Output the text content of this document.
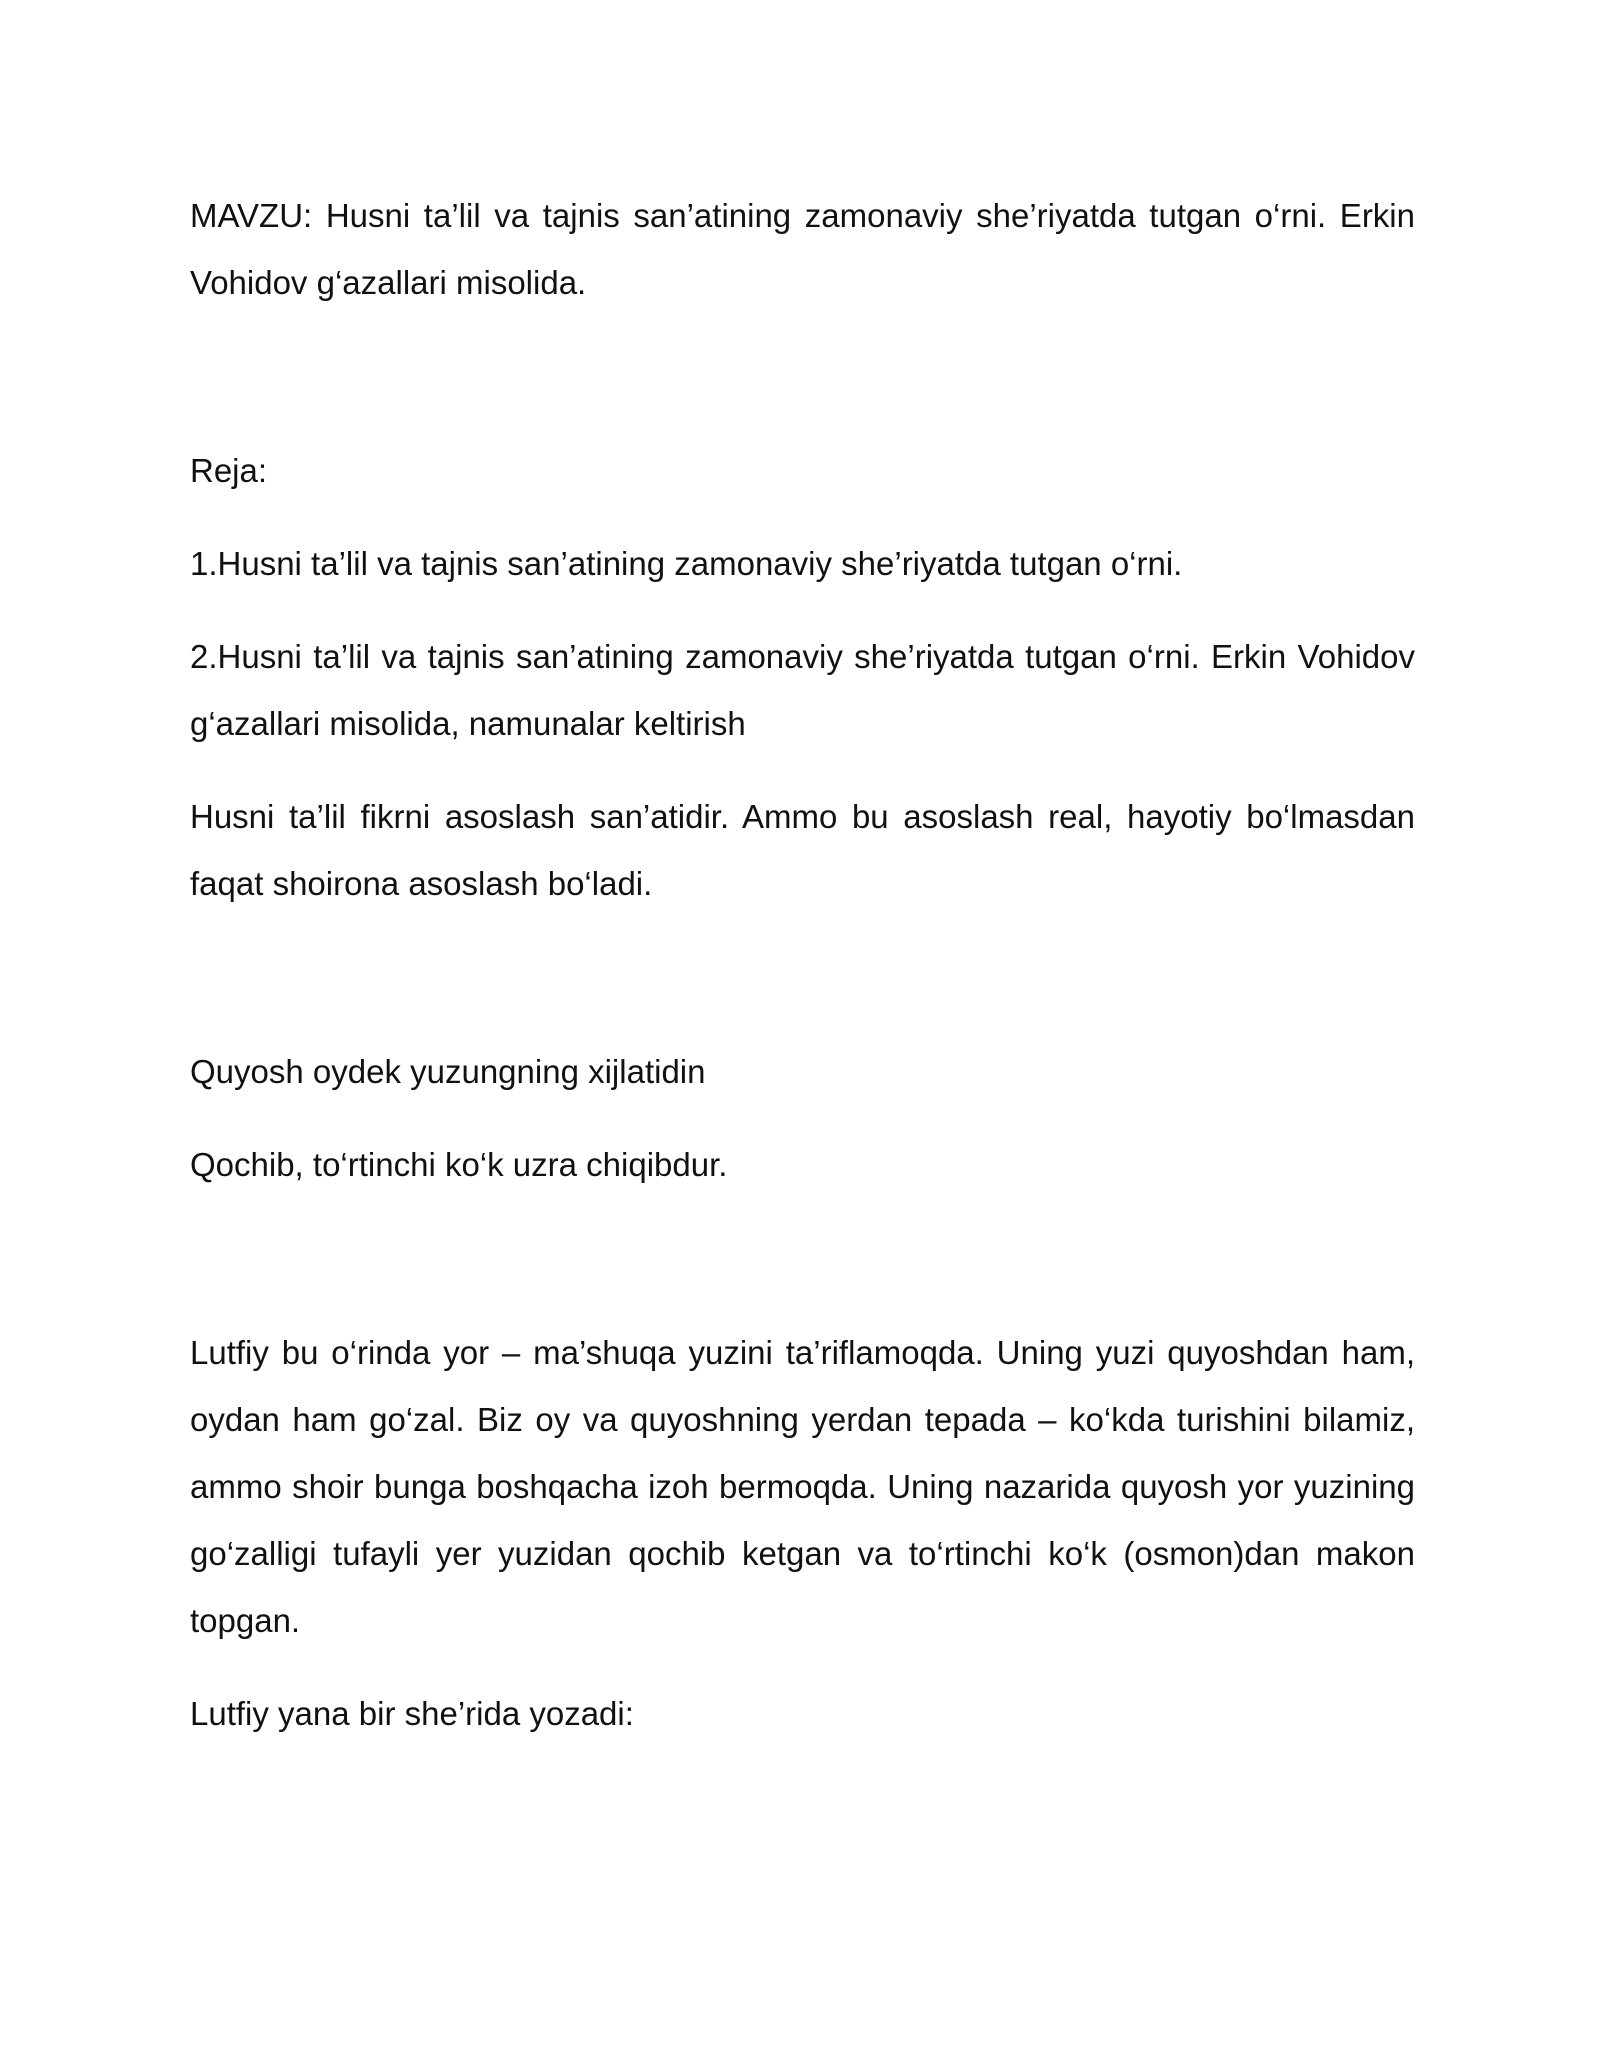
MAVZU: Husni ta’lil va tajnis san’atining zamonaviy she’riyatda tutgan o‘rni. Erkin Vohidov g‘azallari misolida.

Reja:

1.Husni ta’lil va tajnis san’atining zamonaviy she’riyatda tutgan o‘rni.

2.Husni ta’lil va tajnis san’atining zamonaviy she’riyatda tutgan o‘rni. Erkin Vohidov g‘azallari misolida, namunalar keltirish

Husni ta’lil fikrni asoslash san’atidir. Ammo bu asoslash real, hayotiy bo‘lmasdan faqat shoirona asoslash bo‘ladi.

Quyosh oydek yuzungning xijlatidin

Qochib, to‘rtinchi ko‘k uzra chiqibdur.

Lutfiy bu o‘rinda yor – ma’shuqa yuzini ta’riflamoqda. Uning yuzi quyoshdan ham, oydan ham go‘zal. Biz oy va quyoshning yerdan tepada – ko‘kda turishini bilamiz, ammo shoir bunga boshqacha izoh bermoqda. Uning nazarida quyosh yor yuzining go‘zalligi tufayli yer yuzidan qochib ketgan va to‘rtinchi ko‘k (osmon)dan makon topgan.

Lutfiy yana bir she’rida yozadi:
